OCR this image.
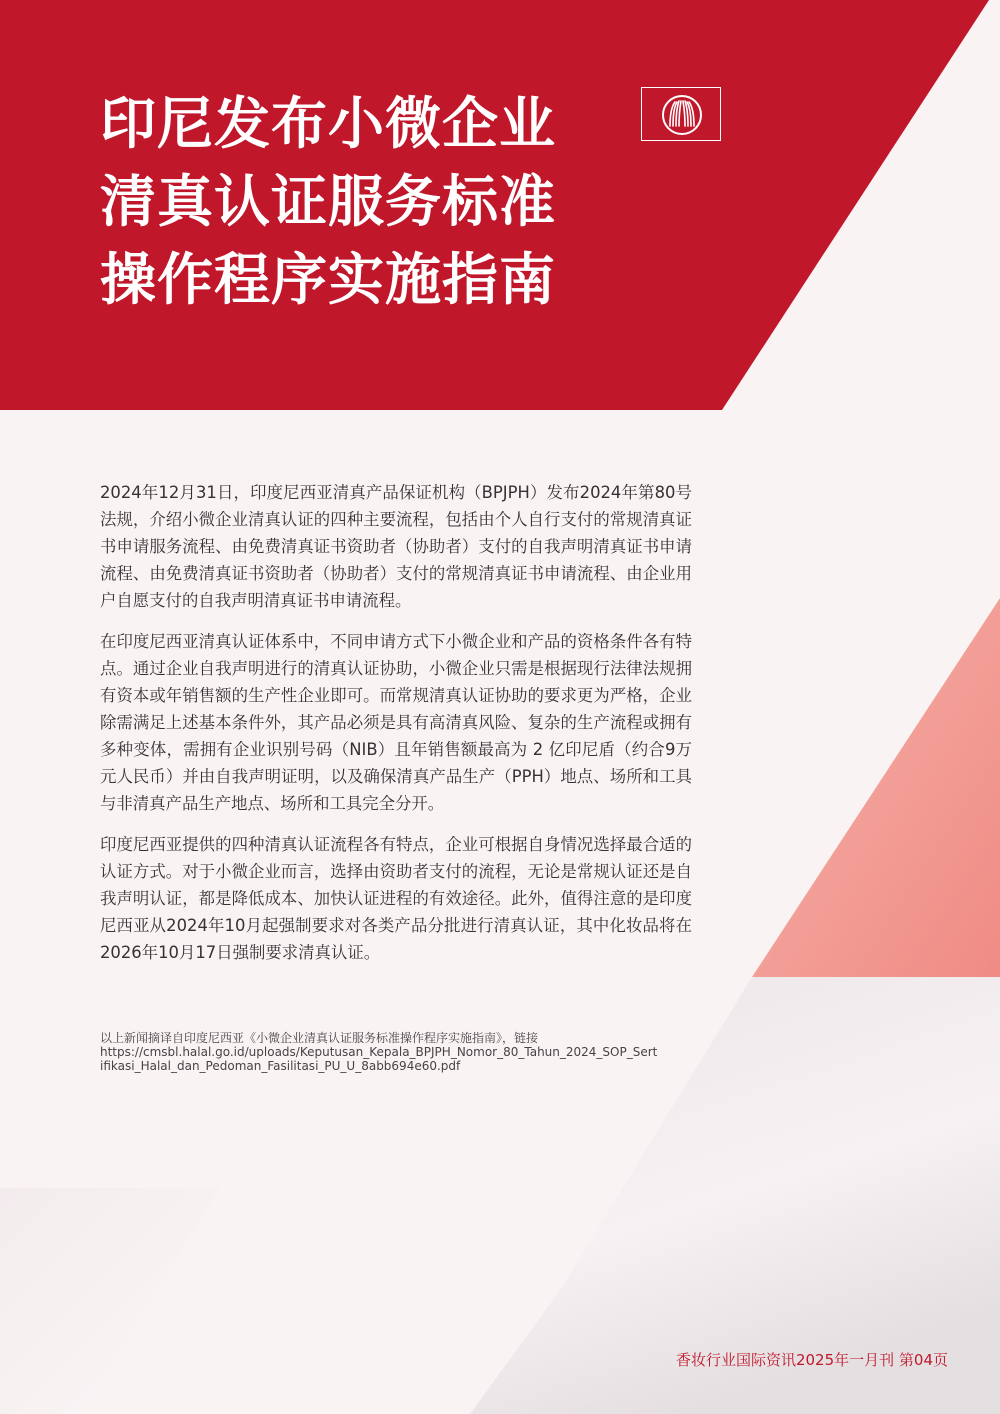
印尼发布小微企业
清真认证服务标准
操作程序实施指南

2024年12月31日，印度尼西亚清真产品保证机构（BPJPH）发布2024年第80号法规，介绍小微企业清真认证的四种主要流程，包括由个人自行支付的常规清真证书申请服务流程、由免费清真证书资助者（协助者）支付的自我声明清真证书申请流程、由免费清真证书资助者（协助者）支付的常规清真证书申请流程、由企业用户自愿支付的自我声明清真证书申请流程。

在印度尼西亚清真认证体系中，不同申请方式下小微企业和产品的资格条件各有特点。通过企业自我声明进行的清真认证协助，小微企业只需是根据现行法律法规拥有资本或年销售额的生产性企业即可。而常规清真认证协助的要求更为严格，企业除需满足上述基本条件外，其产品必须是具有高清真风险、复杂的生产流程或拥有多种变体，需拥有企业识别号码（NIB）且年销售额最高为 2 亿印尼盾（约合9万元人民币）并由自我声明证明，以及确保清真产品生产（PPH）地点、场所和工具与非清真产品生产地点、场所和工具完全分开。

印度尼西亚提供的四种清真认证流程各有特点，企业可根据自身情况选择最合适的认证方式。对于小微企业而言，选择由资助者支付的流程，无论是常规认证还是自我声明认证，都是降低成本、加快认证进程的有效途径。此外，值得注意的是印度尼西亚从2024年10月起强制要求对各类产品分批进行清真认证，其中化妆品将在2026年10月17日强制要求清真认证。

以上新闻摘译自印度尼西亚《小微企业清真认证服务标准操作程序实施指南》，链接
https://cmsbl.halal.go.id/uploads/Keputusan_Kepala_BPJPH_Nomor_80_Tahun_2024_SOP_Sertifikasi_Halal_dan_Pedoman_Fasilitasi_PU_U_8abb694e60.pdf
香妆行业国际资讯2025年一月刊 第04页
